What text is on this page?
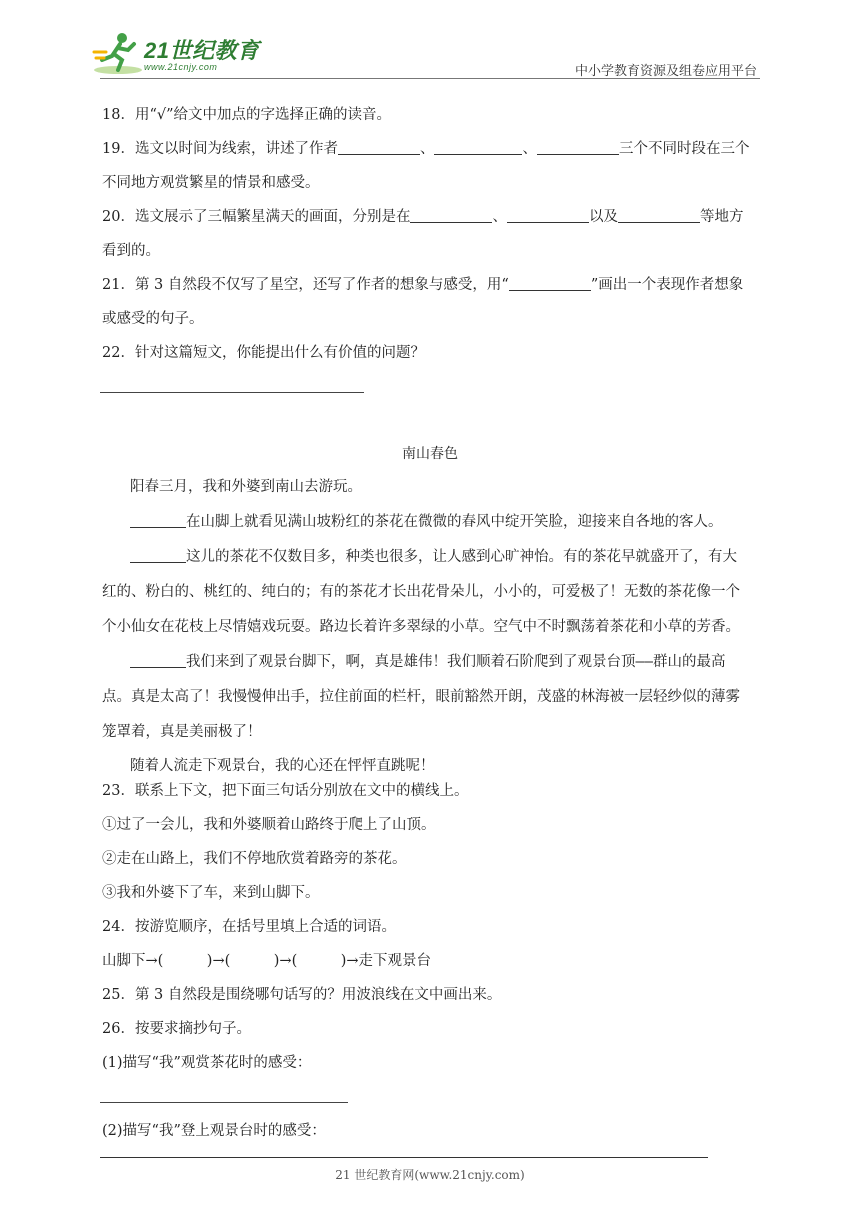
21世纪教育
www.21cnjy.com	中小学教育资源及组卷应用平台
18．用“√”给文中加点的字选择正确的读音。
19．选文以时间为线索，讲述了作者	、	、	三个不同时段在三个
不同地方观赏繁星的情景和感受。
20．选文展示了三幅繁星满天的画面，分别是在	、	以及	等地方
看到的。
21．第 3 自然段不仅写了星空，还写了作者的想象与感受，用“	”画出一个表现作者想象
或感受的句子。
22．针对这篇短文，你能提出什么有价值的问题？
南山春色
阳春三月，我和外婆到南山去游玩。
在山脚上就看见满山坡粉红的茶花在微微的春风中绽开笑脸，迎接来自各地的客人。
这儿的茶花不仅数目多，种类也很多，让人感到心旷神怡。有的茶花早就盛开了，有大
红的、粉白的、桃红的、纯白的；有的茶花才长出花骨朵儿，小小的，可爱极了！无数的茶花像一个
个小仙女在花枝上尽情嬉戏玩耍。路边长着许多翠绿的小草。空气中不时飘荡着茶花和小草的芳香。
我们来到了观景台脚下，啊，真是雄伟！我们顺着石阶爬到了观景台顶——群山的最高
点。真是太高了！我慢慢伸出手，拉住前面的栏杆，眼前豁然开朗，茂盛的林海被一层轻纱似的薄雾
笼罩着，真是美丽极了！
随着人流走下观景台，我的心还在怦怦直跳呢！
23．联系上下文，把下面三句话分别放在文中的横线上。
①过了一会儿，我和外婆顺着山路终于爬上了山顶。
②走在山路上，我们不停地欣赏着路旁的茶花。
③我和外婆下了车，来到山脚下。
24．按游览顺序，在括号里填上合适的词语。
山脚下→(　　　)→(　　　)→(　　　)→走下观景台
25．第 3 自然段是围绕哪句话写的？用波浪线在文中画出来。
26．按要求摘抄句子。
(1)描写“我”观赏茶花时的感受：
(2)描写“我”登上观景台时的感受：
21 世纪教育网(www.21cnjy.com)
